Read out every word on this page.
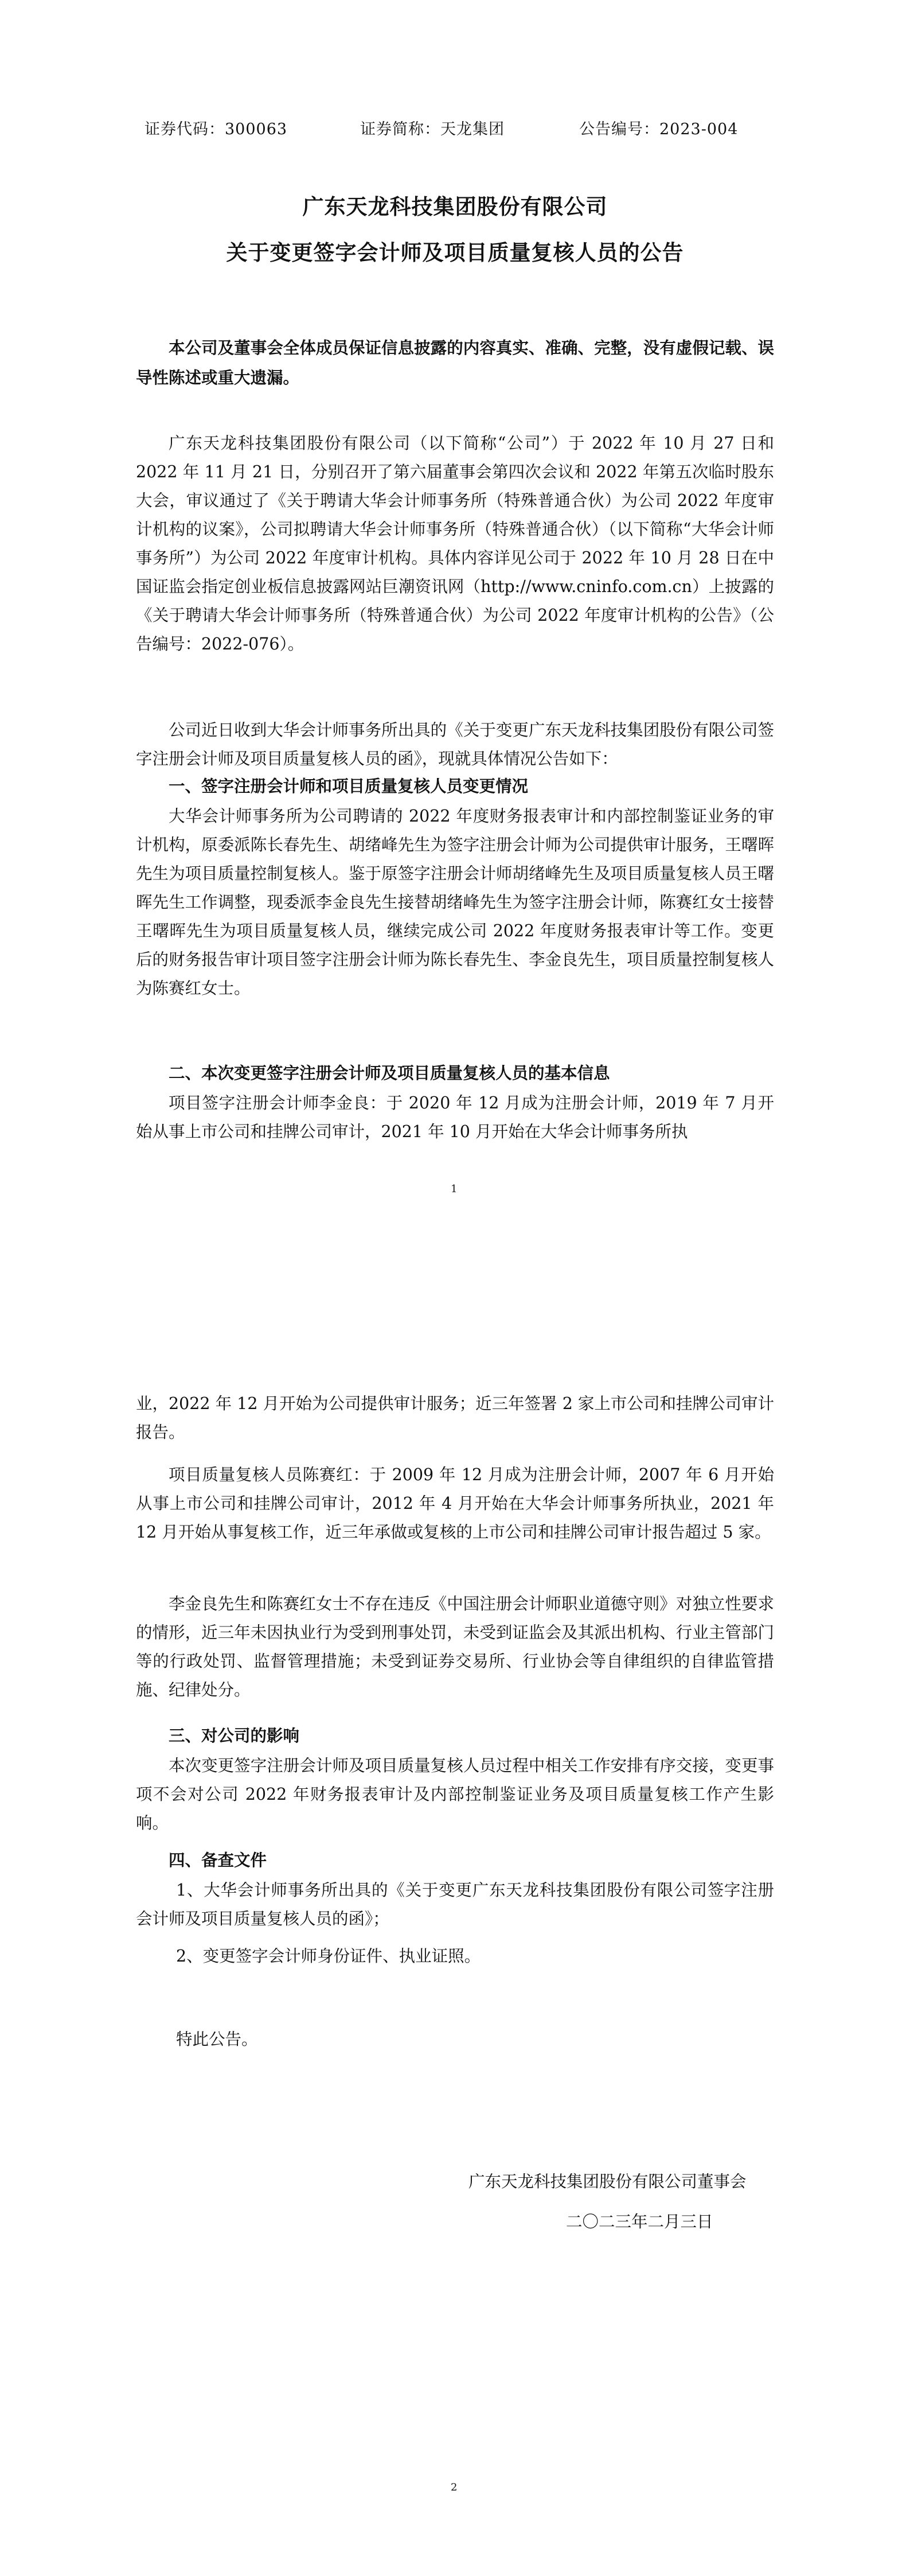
证券代码：300063	证券简称：天龙集团	公告编号：2023-004
广东天龙科技集团股份有限公司
关于变更签字会计师及项目质量复核人员的公告
本公司及董事会全体成员保证信息披露的内容真实、准确、完整，没有虚假记载、误导性陈述或重大遗漏。
广东天龙科技集团股份有限公司（以下简称“公司”）于 2022 年 10 月 27 日和 2022 年 11 月 21 日，分别召开了第六届董事会第四次会议和 2022 年第五次临时股东大会，审议通过了《关于聘请大华会计师事务所（特殊普通合伙）为公司 2022 年度审计机构的议案》，公司拟聘请大华会计师事务所（特殊普通合伙）（以下简称“大华会计师事务所”）为公司 2022 年度审计机构。具体内容详见公司于 2022 年 10 月 28 日在中国证监会指定创业板信息披露网站巨潮资讯网（http://www.cninfo.com.cn）上披露的《关于聘请大华会计师事务所（特殊普通合伙）为公司 2022 年度审计机构的公告》（公告编号：2022-076）。
公司近日收到大华会计师事务所出具的《关于变更广东天龙科技集团股份有限公司签字注册会计师及项目质量复核人员的函》，现就具体情况公告如下：
一、签字注册会计师和项目质量复核人员变更情况
大华会计师事务所为公司聘请的 2022 年度财务报表审计和内部控制鉴证业务的审计机构，原委派陈长春先生、胡绪峰先生为签字注册会计师为公司提供审计服务，王曙晖先生为项目质量控制复核人。鉴于原签字注册会计师胡绪峰先生及项目质量复核人员王曙晖先生工作调整，现委派李金良先生接替胡绪峰先生为签字注册会计师，陈赛红女士接替王曙晖先生为项目质量复核人员，继续完成公司 2022 年度财务报表审计等工作。变更后的财务报告审计项目签字注册会计师为陈长春先生、李金良先生，项目质量控制复核人为陈赛红女士。
二、本次变更签字注册会计师及项目质量复核人员的基本信息
项目签字注册会计师李金良：于 2020 年 12 月成为注册会计师，2019 年 7 月开始从事上市公司和挂牌公司审计，2021 年 10 月开始在大华会计师事务所执
1
业，2022 年 12 月开始为公司提供审计服务；近三年签署 2 家上市公司和挂牌公司审计报告。
项目质量复核人员陈赛红：于 2009 年 12 月成为注册会计师，2007 年 6 月开始从事上市公司和挂牌公司审计，2012 年 4 月开始在大华会计师事务所执业，2021 年 12 月开始从事复核工作，近三年承做或复核的上市公司和挂牌公司审计报告超过 5 家。
李金良先生和陈赛红女士不存在违反《中国注册会计师职业道德守则》对独立性要求的情形，近三年未因执业行为受到刑事处罚，未受到证监会及其派出机构、行业主管部门等的行政处罚、监督管理措施；未受到证券交易所、行业协会等自律组织的自律监管措施、纪律处分。
三、对公司的影响
本次变更签字注册会计师及项目质量复核人员过程中相关工作安排有序交接，变更事项不会对公司 2022 年财务报表审计及内部控制鉴证业务及项目质量复核工作产生影响。
四、备查文件
1、大华会计师事务所出具的《关于变更广东天龙科技集团股份有限公司签字注册会计师及项目质量复核人员的函》；
2、变更签字会计师身份证件、执业证照。
特此公告。
广东天龙科技集团股份有限公司董事会
二〇二三年二月三日
2
